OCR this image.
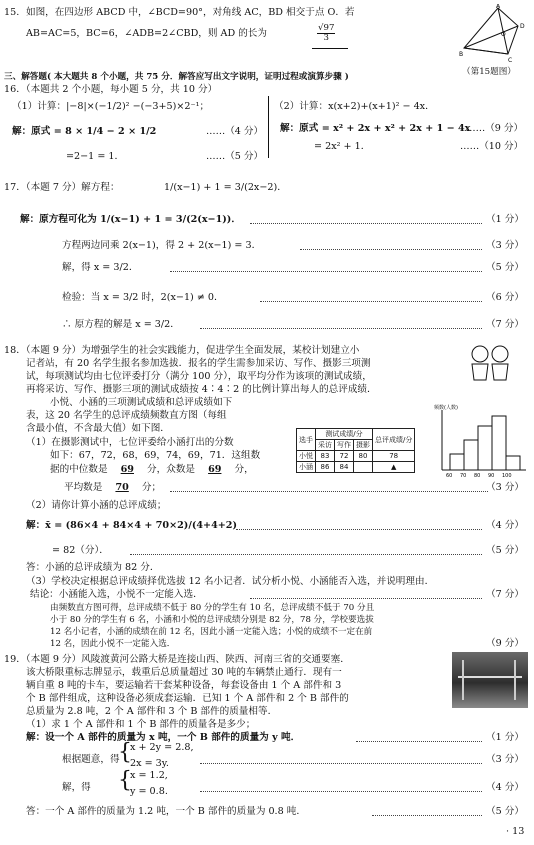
15. 如图，在四边形 ABCD 中，∠BCD=90°，对角线 AC，BD 相交于点 O．若
AB=AC=5，BC=6，∠ADB=2∠CBD，则 AD 的长为	$\frac{√97}{3}$
A
B
C
D
O
（第15题图）
三、解答题( 本大题共 8 个小题，共 75 分．解答应写出文字说明，证明过程或演算步骤 )
16．（本题共 2 个小题，每小题 5 分，共 10 分）
（1）计算：|−8|×(−1/2)² −(−3+5)×2⁻¹；
解：原式 = 8 × 1/4 − 2 × 1/2	……（4 分）
=2−1 = 1．	……（5 分）
（2）计算：x(x+2)+(x+1)² − 4x．
解：原式 = x² + 2x + x² + 2x + 1 − 4x
……（9 分）
= 2x² + 1．	……（10 分）
17．（本题 7 分）解方程：	1/(x−1) + 1 = 3/(2x−2)．
解：原方程可化为 1/(x−1) + 1 = 3/(2(x−1))．	（1 分）
方程两边同乘 2(x−1)，得 2 + 2(x−1) = 3．	（3 分）
解，得 x = 3/2．	（5 分）
检验：当 x = 3/2 时，2(x−1) ≠ 0．	（6 分）
∴ 原方程的解是 x = 3/2．	（7 分）
18．（本题 9 分）为增强学生的社会实践能力，促进学生全面发展，某校计划建立小
记者站，有 20 名学生报名参加选拔．报名的学生需参加采访、写作、摄影三项测
试，每项测试均由七位评委打分（满分 100 分），取平均分作为该项的测试成绩，
再将采访、写作、摄影三项的测试成绩按 4∶4∶2 的比例计算出每人的总评成绩．
小悦、小涵的三项测试成绩和总评成绩如下
表，这 20 名学生的总评成绩频数直方图（每组
含最小值，不含最大值）如下图．
选手	测试成绩/分			总评成绩/分
	采访	写作	摄影	
小悦	83	72	80	78
小涵	86	84		▲
频数(人数)
60 70 80 90 100
（1）在摄影测试中，七位评委给小涵打出的分数
如下：67，72，68，69，74，69，71．这组数
据的中位数是 69 分，众数是 69 分，
平均数是 70 分；	（3 分）
（2）请你计算小涵的总评成绩；
解：x̄ = (86×4 + 84×4 + 70×2)/(4+4+2)	（4 分）
= 82（分）．	（5 分）
答：小涵的总评成绩为 82 分．
（3）学校决定根据总评成绩择优选拔 12 名小记者．试分析小悦、小涵能否入选，并说明理由．
结论：小涵能入选，小悦不一定能入选．	（7 分）
由频数直方图可得，总评成绩不低于 80 分的学生有 10 名，总评成绩不低于 70 分且
小于 80 分的学生有 6 名，小涵和小悦的总评成绩分别是 82 分，78 分，学校要选拔
12 名小记者，小涵的成绩在前 12 名，因此小涵一定能入选；小悦的成绩不一定在前
12 名，因此小悦不一定能入选．	（9 分）
19．（本题 9 分）风陵渡黄河公路大桥是连接山西、陕西、河南三省的交通要塞．
该大桥限重标志牌显示，载重后总质量超过 30 吨的车辆禁止通行．现有一
辆自重 8 吨的卡车，要运输若干套某种设备，每套设备由 1 个 A 部件和 3
个 B 部件组成，这种设备必须成套运输．已知 1 个 A 部件和 2 个 B 部件的
总质量为 2.8 吨，2 个 A 部件和 3 个 B 部件的质量相等．
（1）求 1 个 A 部件和 1 个 B 部件的质量各是多少；
解：设一个 A 部件的质量为 x 吨，一个 B 部件的质量为 y 吨．	（1 分）
根据题意，得
{
x + 2y = 2.8,
2x = 3y.	（3 分）
解，得 {
x = 1.2,
y = 0.8.	（4 分）
答：一个 A 部件的质量为 1.2 吨，一个 B 部件的质量为 0.8 吨．	（5 分）
· 13
